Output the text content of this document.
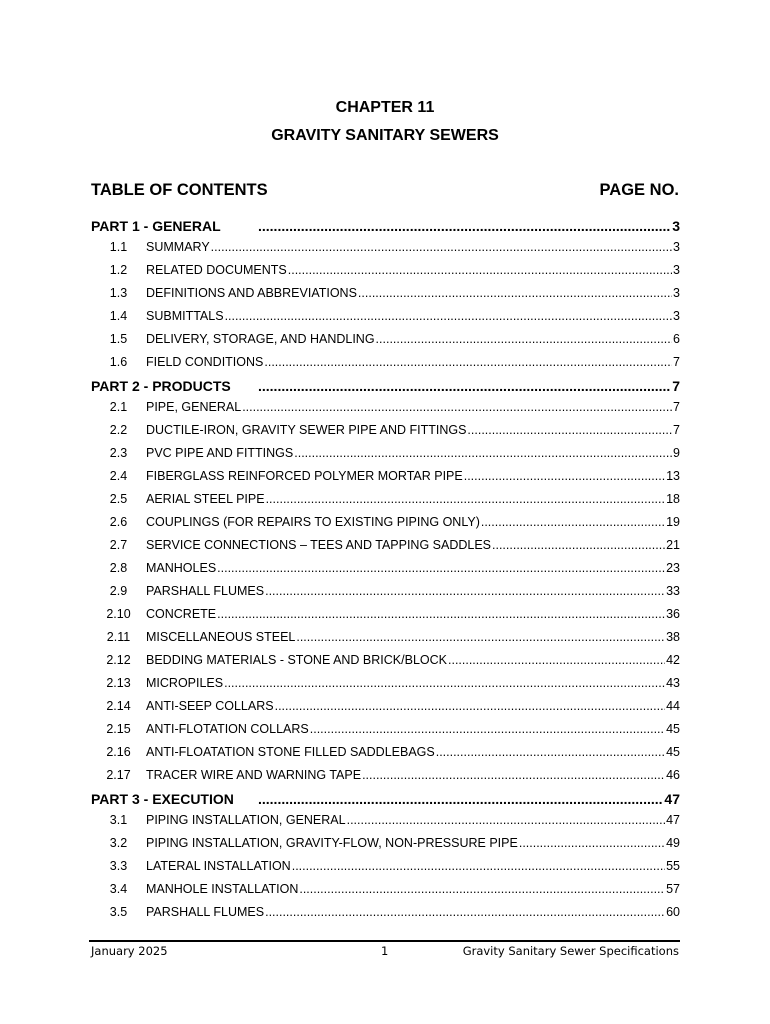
CHAPTER 11
GRAVITY SANITARY SEWERS
TABLE OF CONTENTS	PAGE NO.
PART 1 - GENERAL .....	3
1.1	SUMMARY .....	3
1.2	RELATED DOCUMENTS .....	3
1.3	DEFINITIONS AND ABBREVIATIONS .....	3
1.4	SUBMITTALS .....	3
1.5	DELIVERY, STORAGE, AND HANDLING .....	6
1.6	FIELD CONDITIONS .....	7
PART 2 - PRODUCTS .....	7
2.1	PIPE, GENERAL .....	7
2.2	DUCTILE-IRON, GRAVITY SEWER PIPE AND FITTINGS .....	7
2.3	PVC PIPE AND FITTINGS .....	9
2.4	FIBERGLASS REINFORCED POLYMER MORTAR PIPE .....	13
2.5	AERIAL STEEL PIPE .....	18
2.6	COUPLINGS (FOR REPAIRS TO EXISTING PIPING ONLY) .....	19
2.7	SERVICE CONNECTIONS – TEES AND TAPPING SADDLES .....	21
2.8	MANHOLES .....	23
2.9	PARSHALL FLUMES .....	33
2.10	CONCRETE .....	36
2.11	MISCELLANEOUS STEEL .....	38
2.12	BEDDING MATERIALS - STONE AND BRICK/BLOCK .....	42
2.13	MICROPILES .....	43
2.14	ANTI-SEEP COLLARS .....	44
2.15	ANTI-FLOTATION COLLARS .....	45
2.16	ANTI-FLOATATION STONE FILLED SADDLEBAGS .....	45
2.17	TRACER WIRE AND WARNING TAPE .....	46
PART 3 - EXECUTION .....	47
3.1	PIPING INSTALLATION, GENERAL .....	47
3.2	PIPING INSTALLATION, GRAVITY-FLOW, NON-PRESSURE PIPE .....	49
3.3	LATERAL INSTALLATION .....	55
3.4	MANHOLE INSTALLATION .....	57
3.5	PARSHALL FLUMES .....	60
January 2025	1	Gravity Sanitary Sewer Specifications
